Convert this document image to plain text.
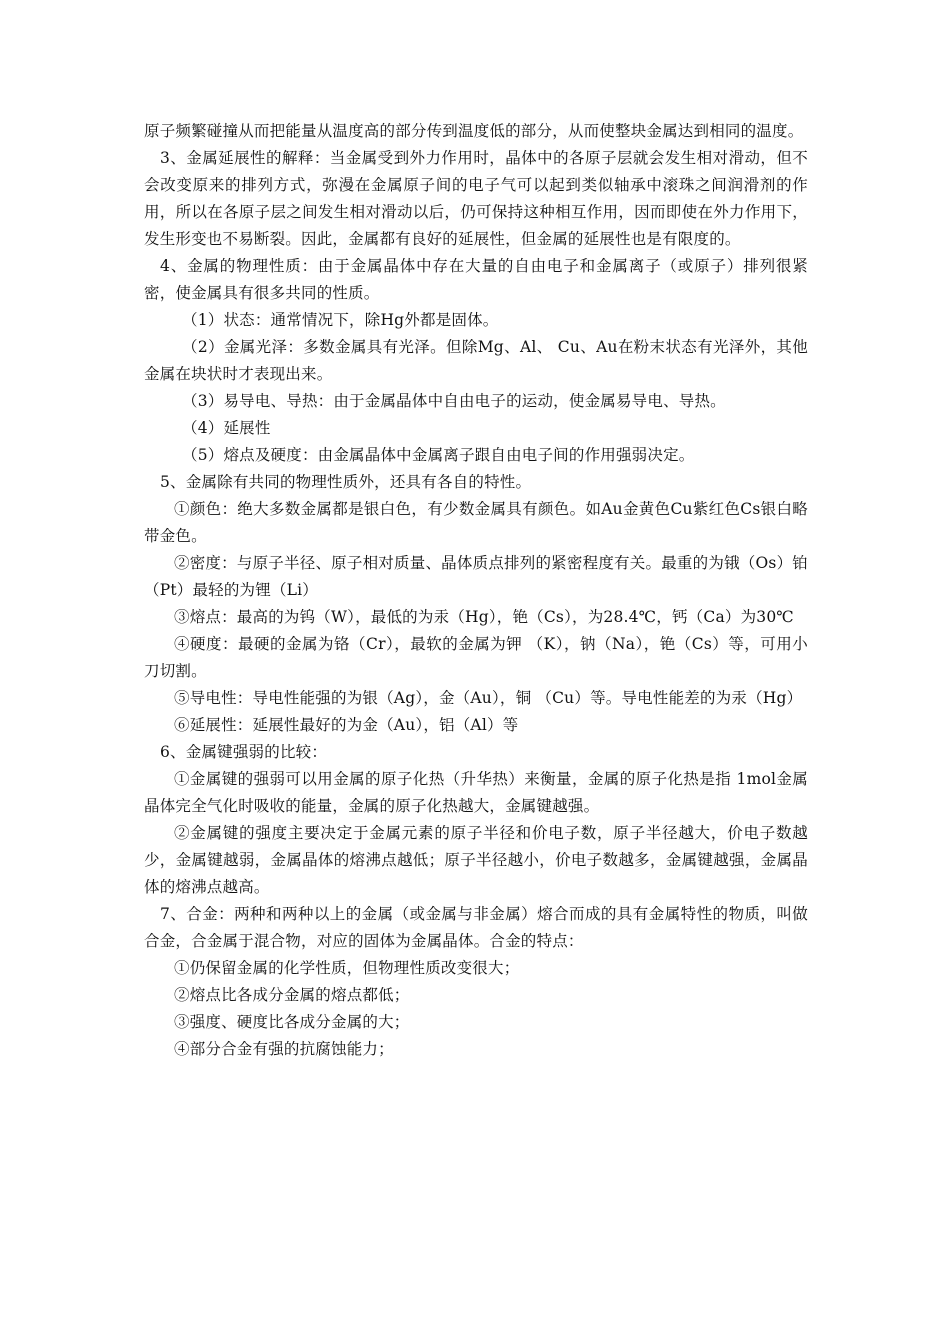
原子频繁碰撞从而把能量从温度高的部分传到温度低的部分，从而使整块金属达到相同的温度。

3、金属延展性的解释：当金属受到外力作用时，晶体中的各原子层就会发生相对滑动，但不会改变原来的排列方式，弥漫在金属原子间的电子气可以起到类似轴承中滚珠之间润滑剂的作用，所以在各原子层之间发生相对滑动以后，仍可保持这种相互作用，因而即使在外力作用下，发生形变也不易断裂。因此，金属都有良好的延展性，但金属的延展性也是有限度的。

4、金属的物理性质：由于金属晶体中存在大量的自由电子和金属离子（或原子）排列很紧密，使金属具有很多共同的性质。

（1）状态：通常情况下，除Hg外都是固体。

（2）金属光泽：多数金属具有光泽。但除Mg、Al、 Cu、Au在粉末状态有光泽外，其他金属在块状时才表现出来。

（3）易导电、导热：由于金属晶体中自由电子的运动，使金属易导电、导热。

（4）延展性

（5）熔点及硬度：由金属晶体中金属离子跟自由电子间的作用强弱决定。

5、金属除有共同的物理性质外，还具有各自的特性。

①颜色：绝大多数金属都是银白色，有少数金属具有颜色。如Au金黄色Cu紫红色Cs银白略带金色。

②密度：与原子半径、原子相对质量、晶体质点排列的紧密程度有关。最重的为锇（Os）铂（Pt）最轻的为锂（Li）

③熔点：最高的为钨（W），最低的为汞（Hg），铯（Cs），为28.4℃，钙（Ca）为30℃

④硬度：最硬的金属为铬（Cr），最软的金属为钾 （K），钠（Na），铯（Cs）等，可用小刀切割。

⑤导电性：导电性能强的为银（Ag），金（Au），铜 （Cu）等。导电性能差的为汞（Hg）

⑥延展性：延展性最好的为金（Au），铝（Al）等

6、金属键强弱的比较：

①金属键的强弱可以用金属的原子化热（升华热）来衡量，金属的原子化热是指 1mol金属晶体完全气化时吸收的能量，金属的原子化热越大，金属键越强。

②金属键的强度主要决定于金属元素的原子半径和价电子数，原子半径越大，价电子数越少，金属键越弱，金属晶体的熔沸点越低；原子半径越小，价电子数越多，金属键越强，金属晶体的熔沸点越高。

7、合金：两种和两种以上的金属（或金属与非金属）熔合而成的具有金属特性的物质，叫做合金，合金属于混合物，对应的固体为金属晶体。合金的特点：

①仍保留金属的化学性质，但物理性质改变很大；

②熔点比各成分金属的熔点都低；

③强度、硬度比各成分金属的大；

④部分合金有强的抗腐蚀能力；
